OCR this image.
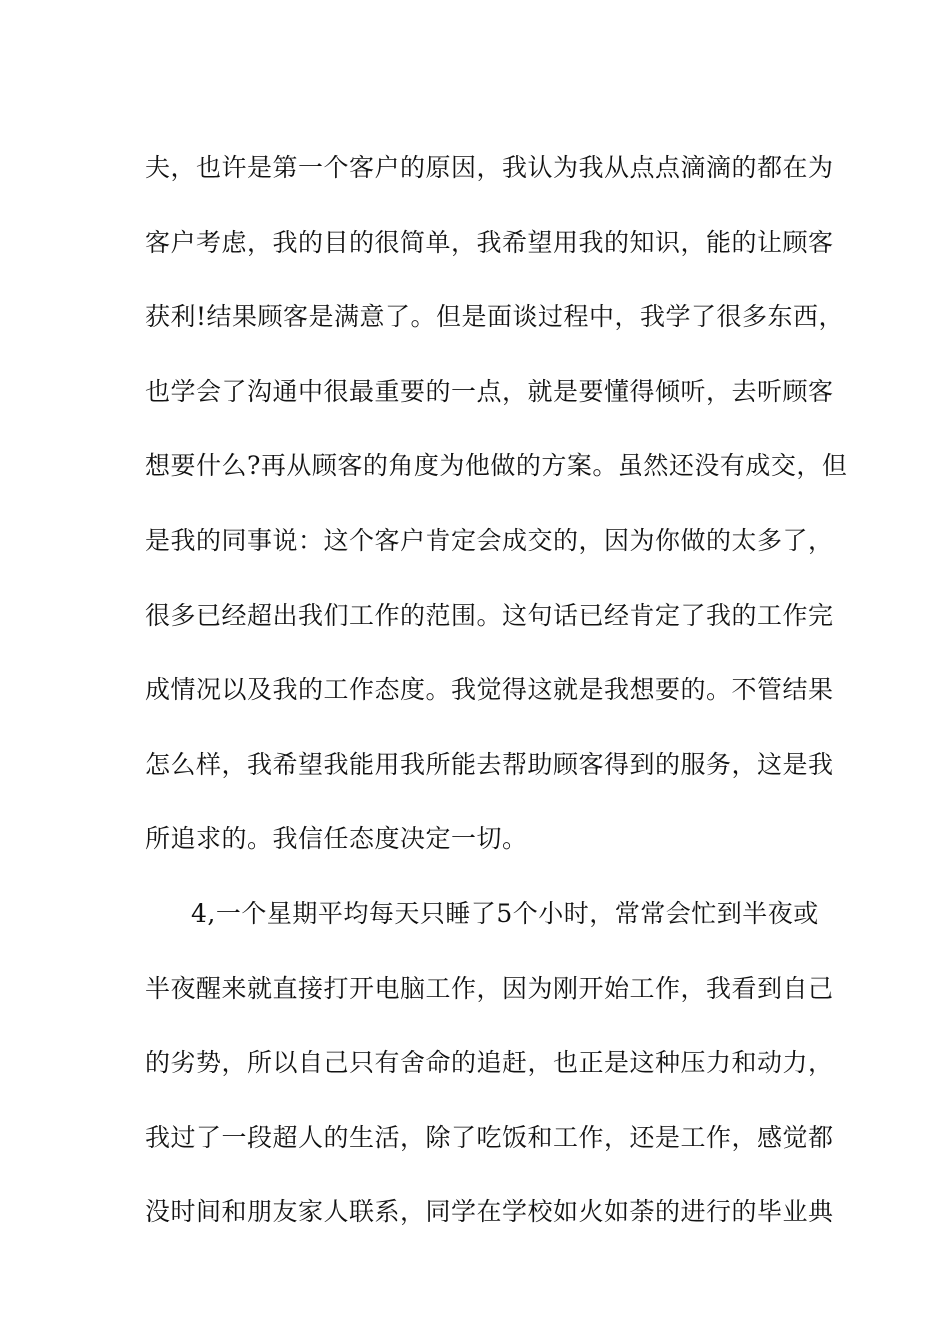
夫，也许是第一个客户的原因，我认为我从点点滴滴的都在为
客户考虑，我的目的很简单，我希望用我的知识，能的让顾客
获利!结果顾客是满意了。但是面谈过程中，我学了很多东西，
也学会了沟通中很最重要的一点，就是要懂得倾听，去听顾客
想要什么?再从顾客的角度为他做的方案。虽然还没有成交，但
是我的同事说：这个客户肯定会成交的，因为你做的太多了，
很多已经超出我们工作的范围。这句话已经肯定了我的工作完
成情况以及我的工作态度。我觉得这就是我想要的。不管结果
怎么样，我希望我能用我所能去帮助顾客得到的服务，这是我
所追求的。我信任态度决定一切。
4,一个星期平均每天只睡了5个小时，常常会忙到半夜或
半夜醒来就直接打开电脑工作，因为刚开始工作，我看到自己
的劣势，所以自己只有舍命的追赶，也正是这种压力和动力，
我过了一段超人的生活，除了吃饭和工作，还是工作，感觉都
没时间和朋友家人联系，同学在学校如火如荼的进行的毕业典
